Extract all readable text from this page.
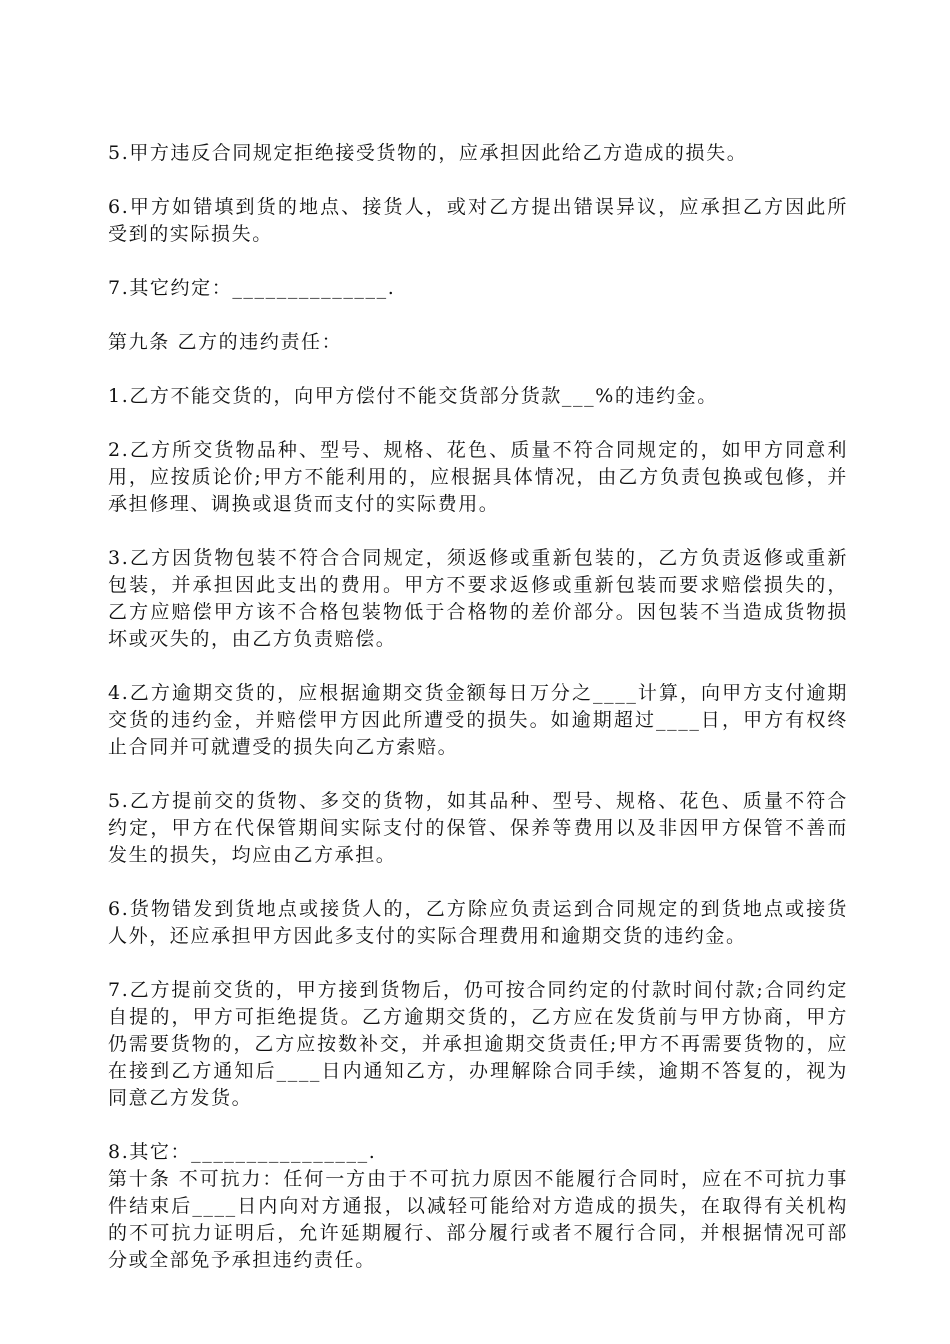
5.甲方违反合同规定拒绝接受货物的，应承担因此给乙方造成的损失。

6.甲方如错填到货的地点、接货人，或对乙方提出错误异议，应承担乙方因此所受到的实际损失。

7.其它约定：______________.

第九条 乙方的违约责任：

1.乙方不能交货的，向甲方偿付不能交货部分货款___%的违约金。

2.乙方所交货物品种、型号、规格、花色、质量不符合同规定的，如甲方同意利用，应按质论价;甲方不能利用的，应根据具体情况，由乙方负责包换或包修，并承担修理、调换或退货而支付的实际费用。

3.乙方因货物包装不符合合同规定，须返修或重新包装的，乙方负责返修或重新包装，并承担因此支出的费用。甲方不要求返修或重新包装而要求赔偿损失的，乙方应赔偿甲方该不合格包装物低于合格物的差价部分。因包装不当造成货物损坏或灭失的，由乙方负责赔偿。

4.乙方逾期交货的，应根据逾期交货金额每日万分之____计算，向甲方支付逾期交货的违约金，并赔偿甲方因此所遭受的损失。如逾期超过____日，甲方有权终止合同并可就遭受的损失向乙方索赔。

5.乙方提前交的货物、多交的货物，如其品种、型号、规格、花色、质量不符合约定，甲方在代保管期间实际支付的保管、保养等费用以及非因甲方保管不善而发生的损失，均应由乙方承担。

6.货物错发到货地点或接货人的，乙方除应负责运到合同规定的到货地点或接货人外，还应承担甲方因此多支付的实际合理费用和逾期交货的违约金。

7.乙方提前交货的，甲方接到货物后，仍可按合同约定的付款时间付款;合同约定自提的，甲方可拒绝提货。乙方逾期交货的，乙方应在发货前与甲方协商，甲方仍需要货物的，乙方应按数补交，并承担逾期交货责任;甲方不再需要货物的，应在接到乙方通知后____日内通知乙方，办理解除合同手续，逾期不答复的，视为同意乙方发货。

8.其它：________________.

第十条 不可抗力：任何一方由于不可抗力原因不能履行合同时，应在不可抗力事件结束后____日内向对方通报，以减轻可能给对方造成的损失，在取得有关机构的不可抗力证明后，允许延期履行、部分履行或者不履行合同，并根据情况可部分或全部免予承担违约责任。
